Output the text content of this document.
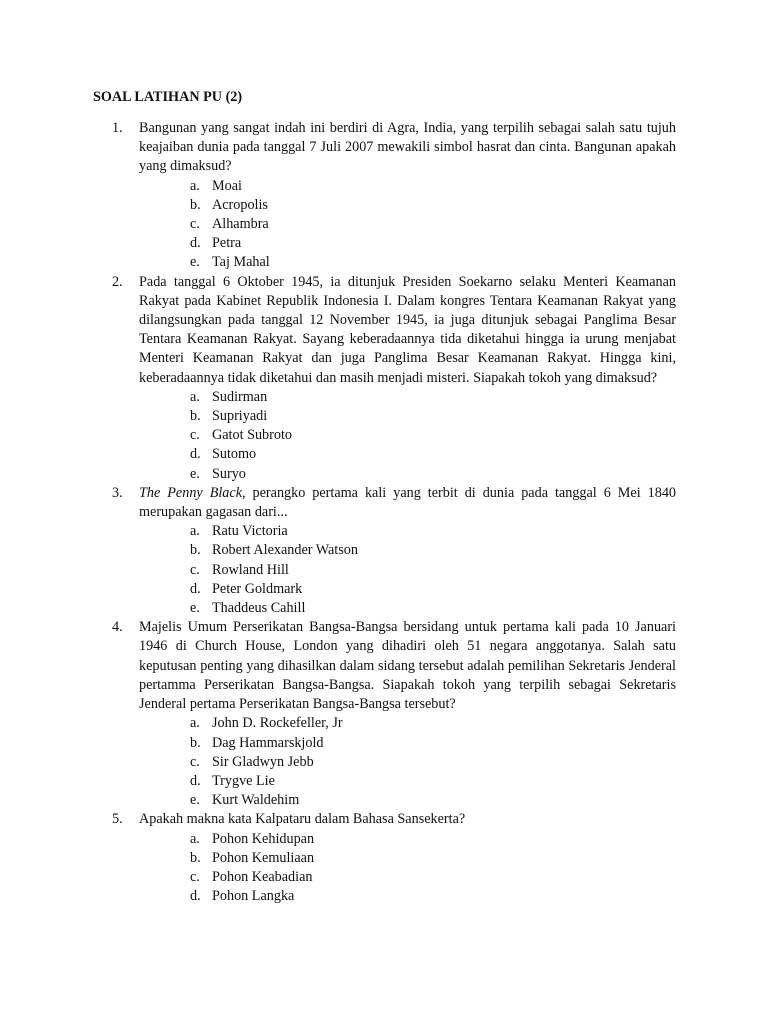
SOAL LATIHAN PU (2)
1.	Bangunan yang sangat indah ini berdiri di Agra, India, yang terpilih sebagai salah satu tujuh keajaiban dunia pada tanggal 7 Juli 2007 mewakili simbol hasrat dan cinta. Bangunan apakah yang dimaksud?
a. Moai
b. Acropolis
c. Alhambra
d. Petra
e. Taj Mahal
2.	Pada tanggal 6 Oktober 1945, ia ditunjuk Presiden Soekarno selaku Menteri Keamanan Rakyat pada Kabinet Republik Indonesia I. Dalam kongres Tentara Keamanan Rakyat yang dilangsungkan pada tanggal 12 November 1945, ia juga ditunjuk sebagai Panglima Besar Tentara Keamanan Rakyat. Sayang keberadaannya tida diketahui hingga ia urung menjabat Menteri Keamanan Rakyat dan juga Panglima Besar Keamanan Rakyat. Hingga kini, keberadaannya tidak diketahui dan masih menjadi misteri. Siapakah tokoh yang dimaksud?
a. Sudirman
b. Supriyadi
c. Gatot Subroto
d. Sutomo
e. Suryo
3.	The Penny Black, perangko pertama kali yang terbit di dunia pada tanggal 6 Mei 1840 merupakan gagasan dari...
a. Ratu Victoria
b. Robert Alexander Watson
c. Rowland Hill
d. Peter Goldmark
e. Thaddeus Cahill
4.	Majelis Umum Perserikatan Bangsa-Bangsa bersidang untuk pertama kali pada 10 Januari 1946 di Church House, London yang dihadiri oleh 51 negara anggotanya. Salah satu keputusan penting yang dihasilkan dalam sidang tersebut adalah pemilihan Sekretaris Jenderal pertamma Perserikatan Bangsa-Bangsa. Siapakah tokoh yang terpilih sebagai Sekretaris Jenderal pertama Perserikatan Bangsa-Bangsa tersebut?
a. John D. Rockefeller, Jr
b. Dag Hammarskjold
c. Sir Gladwyn Jebb
d. Trygve Lie
e. Kurt Waldehim
5.	Apakah makna kata Kalpataru dalam Bahasa Sansekerta?
a. Pohon Kehidupan
b. Pohon Kemuliaan
c. Pohon Keabadian
d. Pohon Langka
